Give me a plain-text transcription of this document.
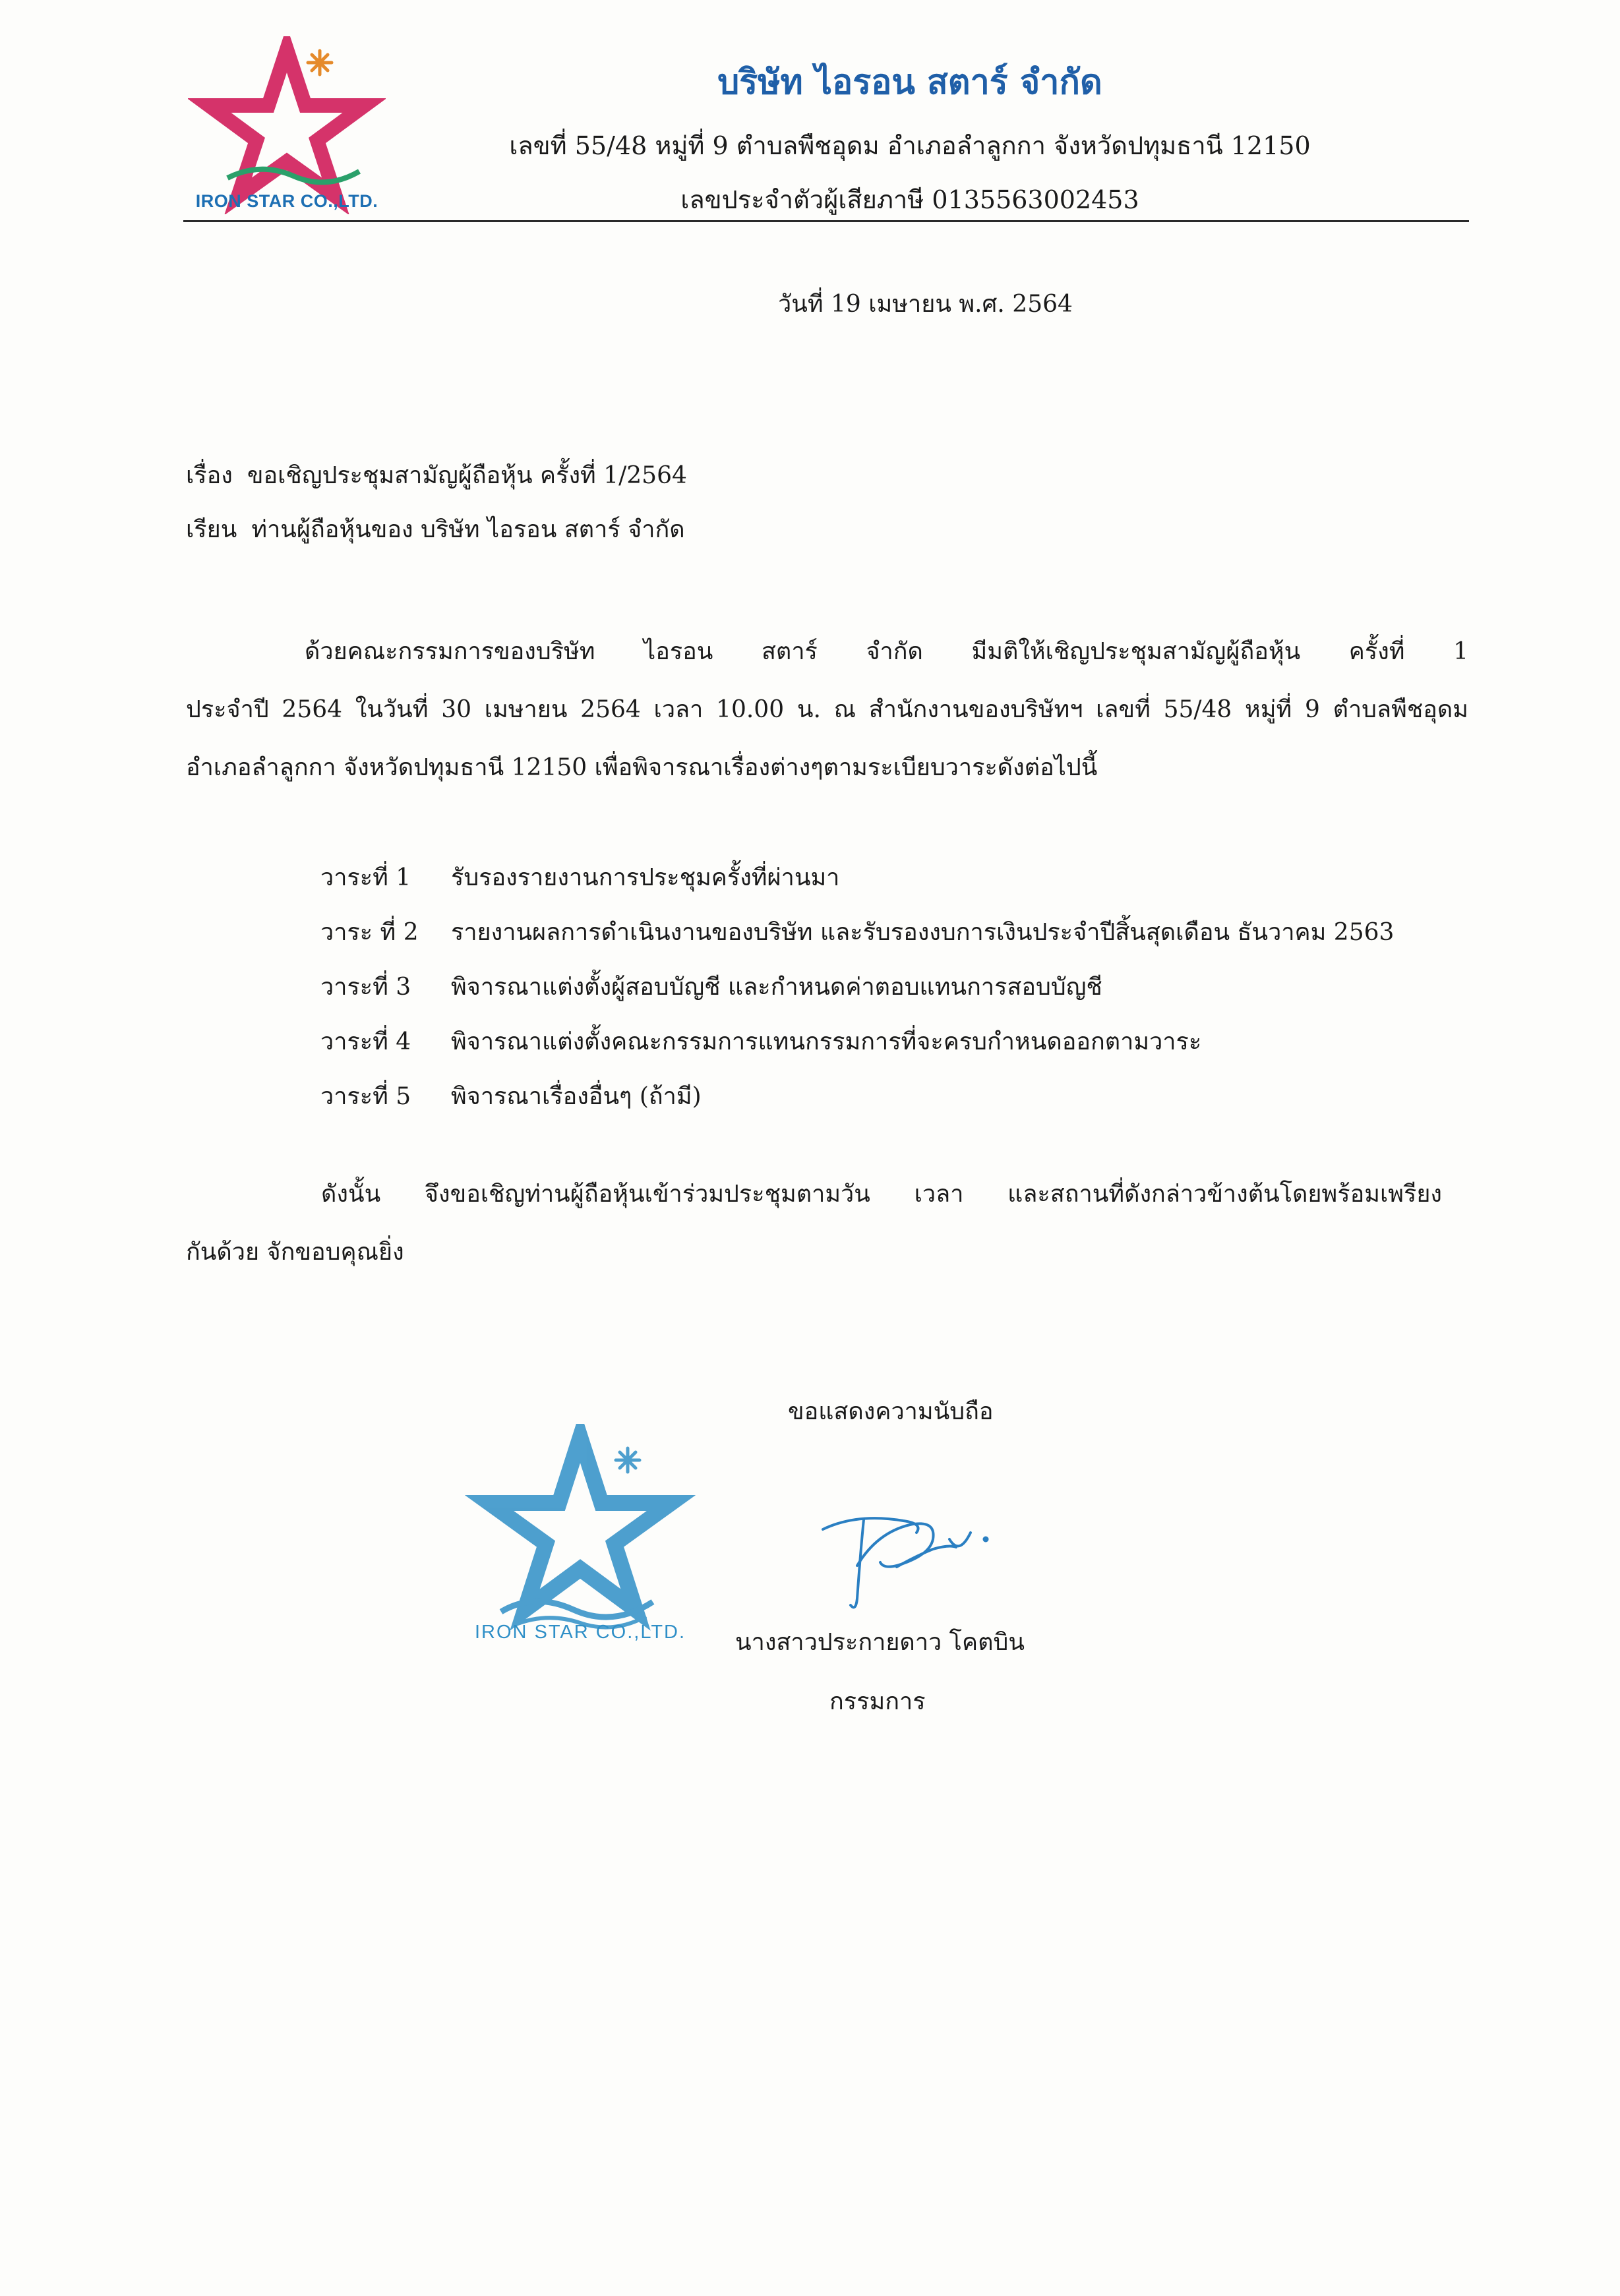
IRON STAR CO.,LTD.
บริษัท ไอรอน สตาร์ จำกัด
เลขที่ 55/48 หมู่ที่ 9 ตำบลพืชอุดม อำเภอลำลูกกา จังหวัดปทุมธานี 12150
เลขประจำตัวผู้เสียภาษี 0135563002453
วันที่ 19 เมษายน พ.ศ. 2564
เรื่อง ขอเชิญประชุมสามัญผู้ถือหุ้น ครั้งที่ 1/2564
เรียน ท่านผู้ถือหุ้นของ บริษัท ไอรอน สตาร์ จำกัด
ด้วยคณะกรรมการของบริษัท ไอรอน สตาร์ จำกัด มีมติให้เชิญประชุมสามัญผู้ถือหุ้น ครั้งที่ 1
ประจำปี 2564 ในวันที่ 30 เมษายน 2564 เวลา 10.00 น. ณ สำนักงานของบริษัทฯ เลขที่ 55/48 หมู่ที่ 9 ตำบลพืชอุดม
อำเภอลำลูกกา จังหวัดปทุมธานี 12150 เพื่อพิจารณาเรื่องต่างๆตามระเบียบวาระดังต่อไปนี้
วาระที่ 1 รับรองรายงานการประชุมครั้งที่ผ่านมา
วาระ ที่ 2 รายงานผลการดำเนินงานของบริษัท และรับรองงบการเงินประจำปีสิ้นสุดเดือน ธันวาคม 2563
วาระที่ 3 พิจารณาแต่งตั้งผู้สอบบัญชี และกำหนดค่าตอบแทนการสอบบัญชี
วาระที่ 4 พิจารณาแต่งตั้งคณะกรรมการแทนกรรมการที่จะครบกำหนดออกตามวาระ
วาระที่ 5 พิจารณาเรื่องอื่นๆ (ถ้ามี)
ดังนั้น จึงขอเชิญท่านผู้ถือหุ้นเข้าร่วมประชุมตามวัน เวลา และสถานที่ดังกล่าวข้างต้นโดยพร้อมเพรียง
กันด้วย จักขอบคุณยิ่ง
ขอแสดงความนับถือ
นางสาวประกายดาว โคตบิน
กรรมการ
IRON STAR CO.,LTD.
